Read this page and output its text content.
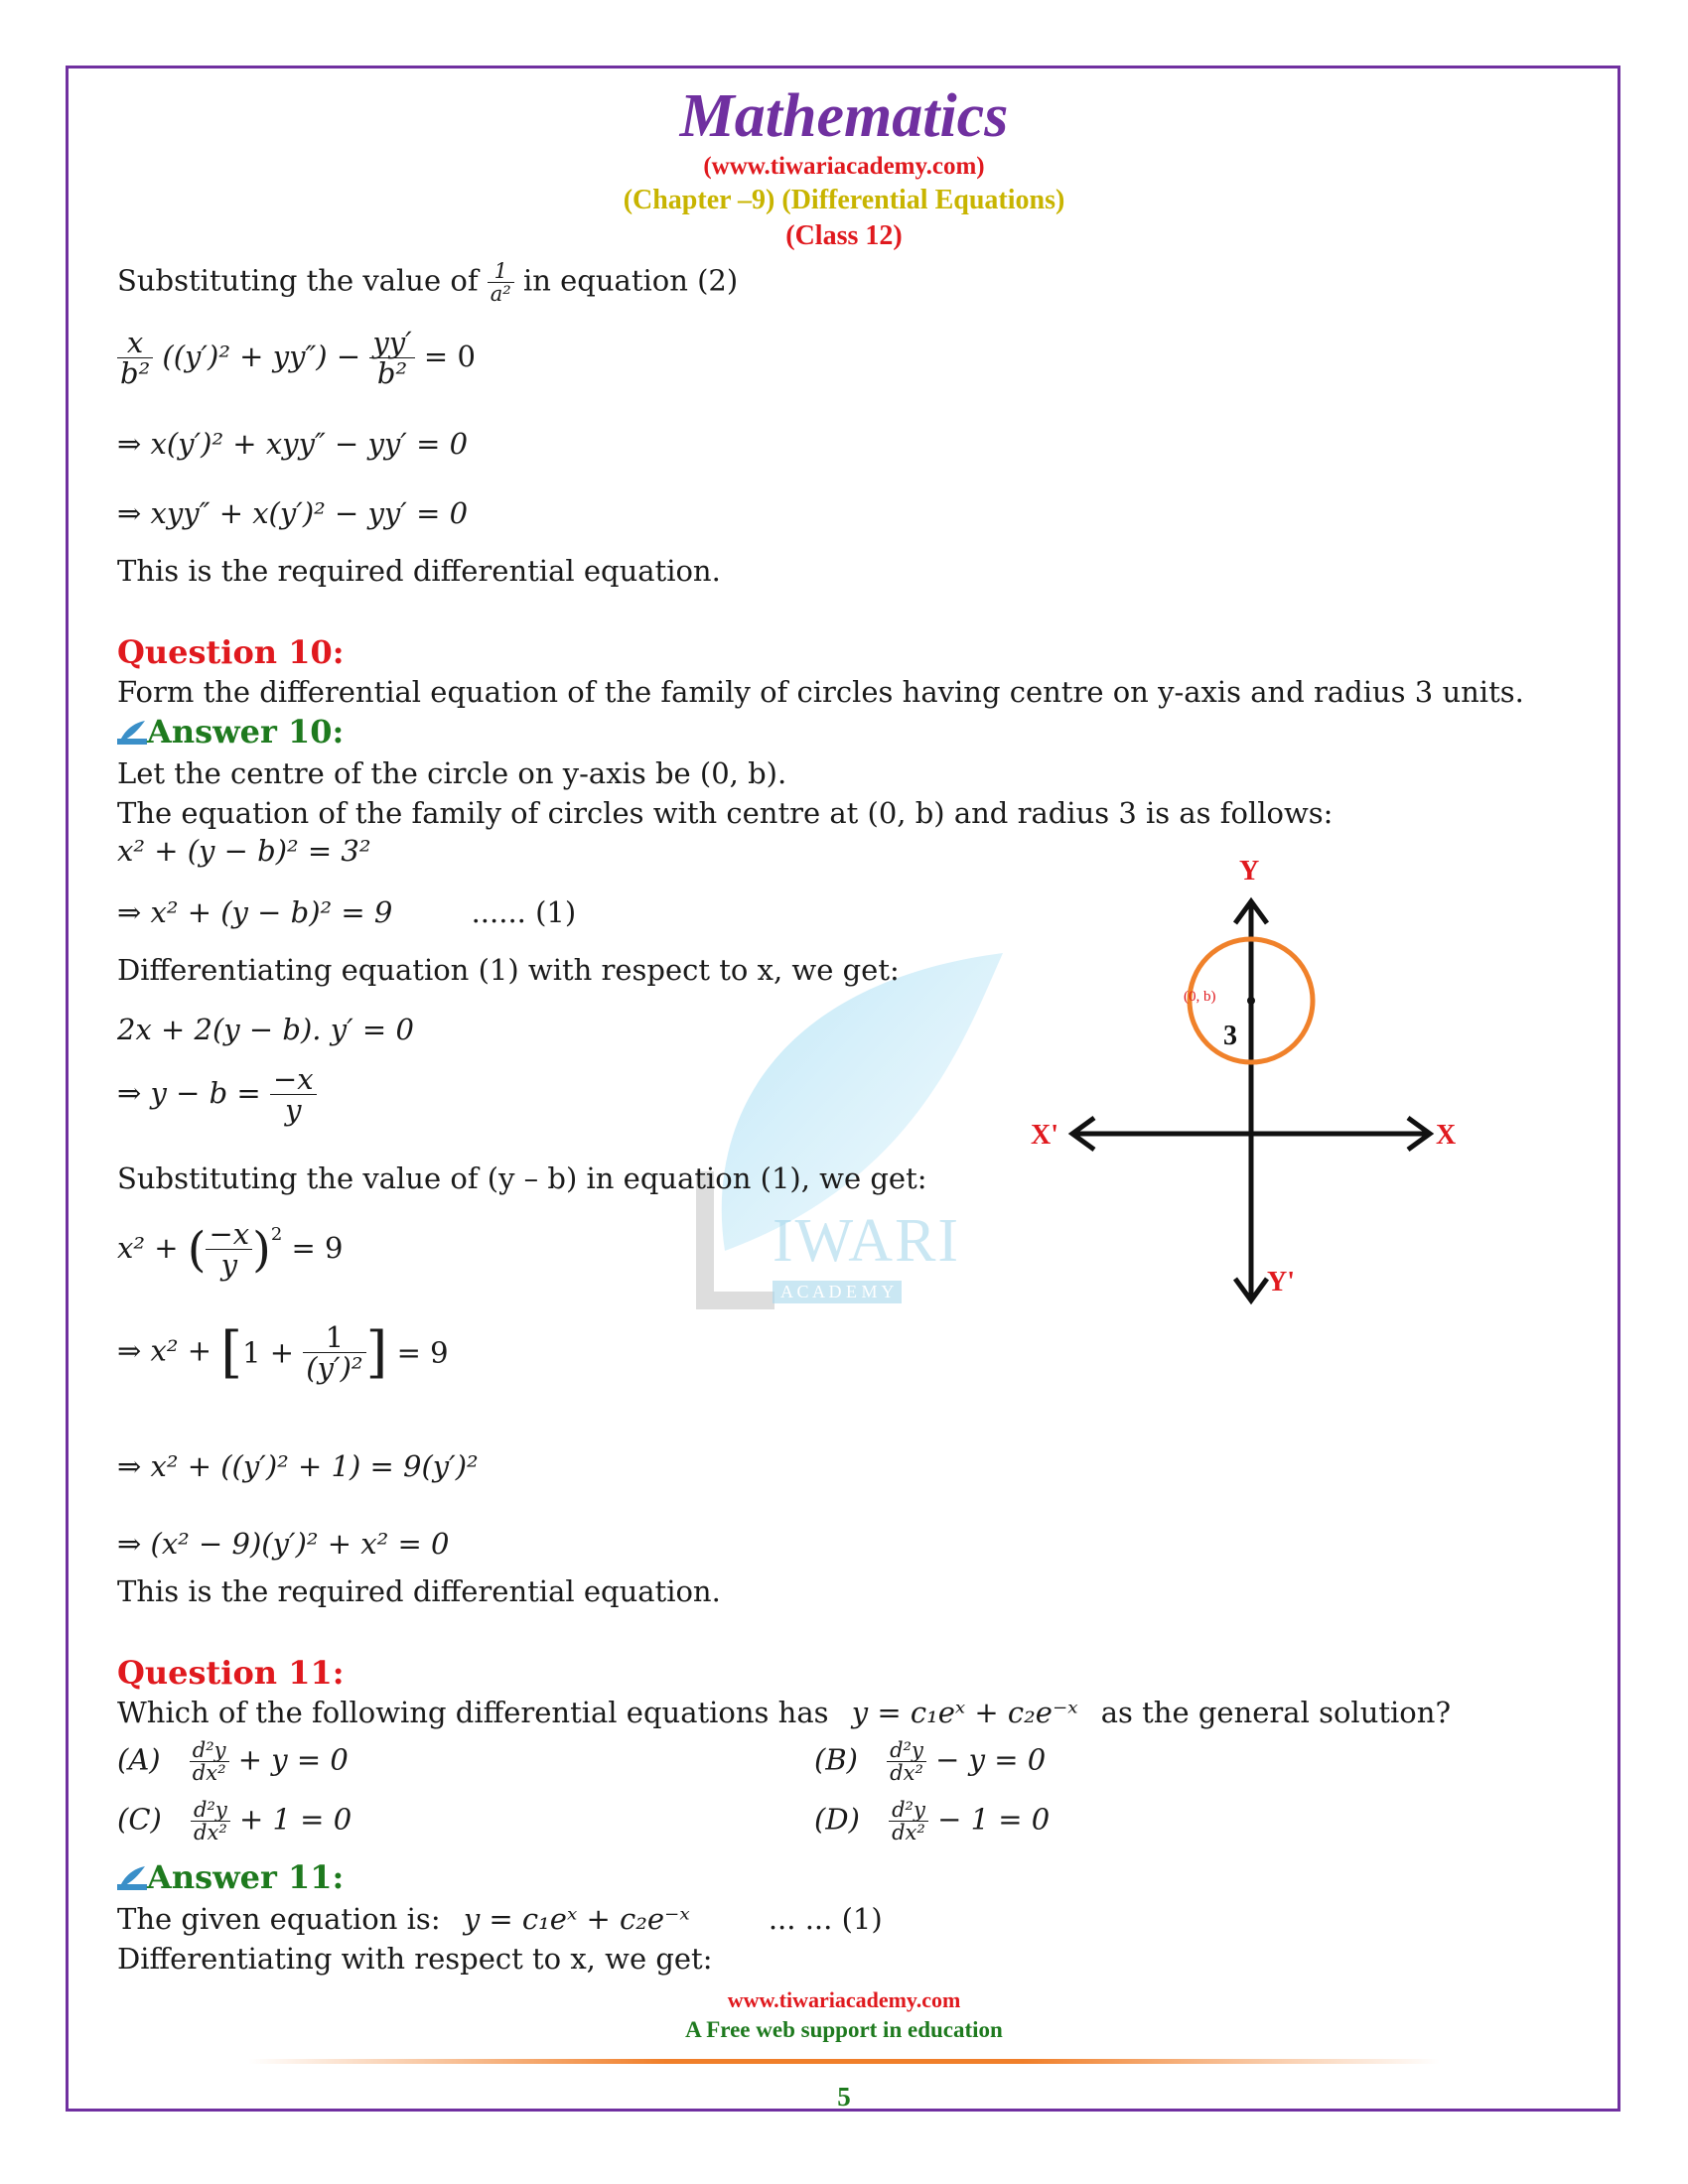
Mathematics
(www.tiwariacademy.com)
(Chapter –9) (Differential Equations)
(Class 12)
IWARI
A C A D E M Y
Substituting the value of $\frac{1}{\text{a²}}$ in equation (2)
$\frac{x}{\text{b²}} ((y')^2 + yy'') - \frac{yy'}{\text{b²}} = 0$
⇒ x(y′)² + xyy″ − yy′ = 0
⇒ xyy″ + x(y′)² − yy′ = 0
This is the required differential equation.
Question 10:
Form the differential equation of the family of circles having centre on y-axis and radius 3 units.
Answer 10:
Let the centre of the circle on y-axis be (0, b).
The equation of the family of circles with centre at (0, b) and radius 3 is as follows:
x² + (y − b)² = 3²
⇒ x² + (y − b)² = 9	...... (1)
Differentiating equation (1) with respect to x, we get:
2x + 2(y − b). y′ = 0
⇒ $y - b = \frac{-x}{y}$
Substituting the value of (y – b) in equation (1), we get:
x² + ( $\frac{-x}{y} )^2 = 9$
⇒ $x^2 + [1 + \frac{1}{\text{(y′)²}}$ ] = 9
⇒ x² + ((y′)² + 1) = 9(y′)²
⇒ (x² − 9)(y′)² + x² = 0
This is the required differential equation.
(0, b)
3
Y
Y'
X
X'
Question 11:
Which of the following differential equations has y = c₁eˣ + c₂e⁻ˣ as the general solution?
$(A) \frac{\text{d²y}}{\text{dx²}} + y = 0$	$(B) \frac{\text{d²y}}{\text{dx²}} - y = 0$
$(C) \frac{\text{d²y}}{\text{dx²}} + 1 = 0$	$(D) \frac{\text{d²y}}{\text{dx²}} - 1 = 0$
Answer 11:
The given equation is: y = c₁eˣ + c₂e⁻ˣ	... ... (1)
Differentiating with respect to x, we get:
www.tiwariacademy.com
A Free web support in education
5
